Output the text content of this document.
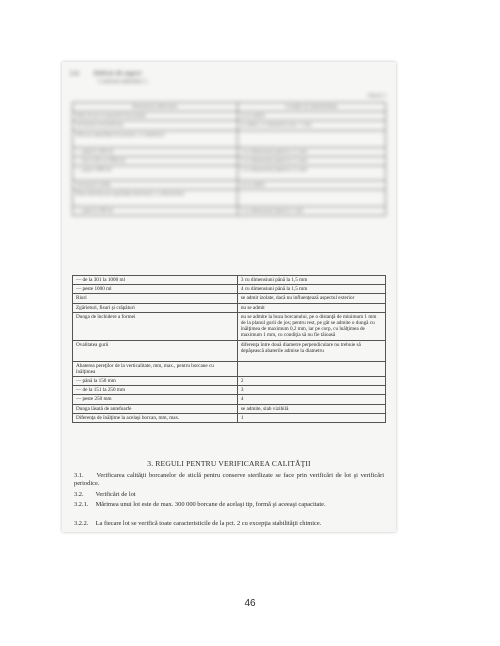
2.4. Defecte de aspect
Conform tabelului 3.
Tabelul 3
Denumirea defectului	Condiţii de admisibilitate
Bule de aer în peretele borcanului	nu se admit
Incluziuni nevitrificate	se admit, cu diametrul max. 1 mm
Bule pe suprafaţa borcanului, cu diametrul	
— până la 300 ml	3 cu dimensiuni până la 1,5 mm
— de la 301 la 1000 ml	4 cu dimensiuni până la 1,5 mm
— peste 1000 ml	5 cu dimensiuni până la 1,5 mm
Incluziuni solide	nu se admit
Bule deschise pe suprafaţa interioară, cu dimensiuni	
— până la 300 ml	2 cu dimensiuni până la 1 mm
— de la 301 la 1000 ml	3 cu dimensiuni până la 1,5 mm
— peste 1000 ml	4 cu dimensiuni până la 1,5 mm
Riuri	se admit izolate, dacă nu influenţează aspectul exterior
Zgârieturi, fisuri şi crăpături	nu se admit
Dunga de închidere a formei	nu se admite la buza borcanului, pe o distanţă de minimum 1 mm de la planul gurii de jos; pentru rest, pe gât se admite o dungă cu înălţimea de maximum 0,2 mm, iar pe corp, cu înălţimea de maximum 1 mm, cu condiţia să nu fie tăioasă
Ovalitatea gurii	diferenţa între două diametre perpendiculare nu trebuie să depăşească abaterile admise la diametru
Abaterea pereţilor de la verticalitate, mm, max., pentru borcane cu înălţimea	
— până la 150 mm	2
— de la 151 la 250 mm	3
— peste 250 mm	4
Dunga lăsată de antefoarfe	se admite, slab vizibilă
Diferenţa de înălţime la acelaşi borcan, mm, max.	1
3. REGULI PENTRU VERIFICAREA CALITĂŢII
3.1. Verificarea calităţii borcanelor de sticlă pentru conserve sterilizate se face prin verificări de lot şi verificări periodice.
3.2. Verificări de lot
3.2.1. Mărimea unui lot este de max. 300 000 borcane de acelaşi tip, formă şi aceeaşi capacitate.
3.2.2. La fiecare lot se verifică toate caracteristicile de la pct. 2 cu excepţia stabilităţii chimice.
46
